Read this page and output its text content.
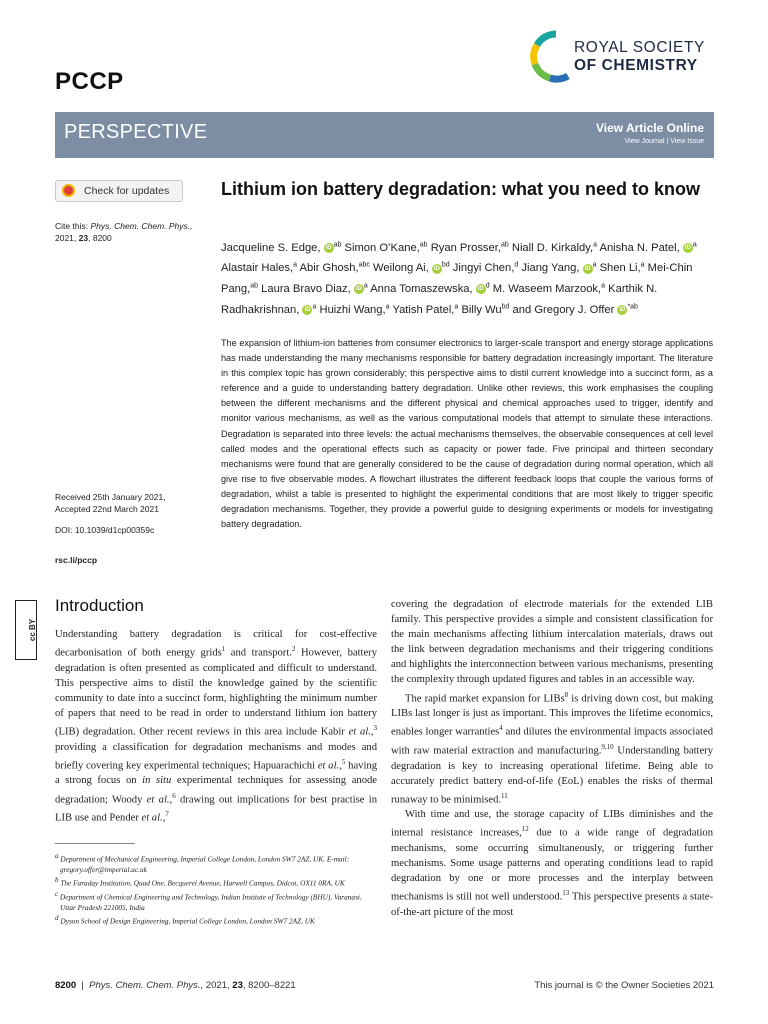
PCCP
ROYAL SOCIETY
OF CHEMISTRY
PERSPECTIVE	View Article Online
View Journal | View Issue
Check for updates
Cite this: Phys. Chem. Chem. Phys.,
2021, 23, 8200
Received 25th January 2021,
Accepted 22nd March 2021
DOI: 10.1039/d1cp00359c
rsc.li/pccp
cc BY
Lithium ion battery degradation: what you need to know
Jacqueline S. Edge, iD $^{ab}$ Simon O’Kane,$^{ab}$ Ryan Prosser,$^{ab}$ Niall D. Kirkaldy,$^a$ Anisha N. Patel, iD $^a$ Alastair Hales,$^a$ Abir Ghosh,$^{abc}$ Weilong Ai, iD $^{bd}$ Jingyi Chen,$^d$ Jiang Yang, iD $^a$ Shen Li,$^a$ Mei-Chin Pang,$^{ab}$ Laura Bravo Diaz, iD $^a$ Anna Tomaszewska, iD $^d$ M. Waseem Marzook,$^a$ Karthik N. Radhakrishnan, iD $^a$ Huizhi Wang,$^a$ Yatish Patel,$^a$ Billy $Wu^{bd}$ and Gregory J. Offer iD $^{*ab}$
The expansion of lithium-ion batteries from consumer electronics to larger-scale transport and energy storage applications has made understanding the many mechanisms responsible for battery degradation increasingly important. The literature in this complex topic has grown considerably; this perspective aims to distil current knowledge into a succinct form, as a reference and a guide to understanding battery degradation. Unlike other reviews, this work emphasises the coupling between the different mechanisms and the different physical and chemical approaches used to trigger, identify and monitor various mechanisms, as well as the various computational models that attempt to simulate these interactions. Degradation is separated into three levels: the actual mechanisms themselves, the observable consequences at cell level called modes and the operational effects such as capacity or power fade. Five principal and thirteen secondary mechanisms were found that are generally considered to be the cause of degradation during normal operation, which all give rise to five observable modes. A flowchart illustrates the different feedback loops that couple the various forms of degradation, whilst a table is presented to highlight the experimental conditions that are most likely to trigger specific degradation mechanisms. Together, they provide a powerful guide to designing experiments or models for investigating battery degradation.
Introduction
Understanding battery degradation is critical for cost-effective decarbonisation of both energy grids$^1$ and transport.$^2$ However, battery degradation is often presented as complicated and difficult to understand. This perspective aims to distil the knowledge gained by the scientific community to date into a succinct form, highlighting the minimum number of papers that need to be read in order to understand lithium ion battery (LIB) degradation. Other recent reviews in this area include Kabir et al.,$^3$ providing a classification for degradation mechanisms and modes and briefly covering key experimental techniques; Hapuarachichi et al.,$^5$ having a strong focus on in situ experimental techniques for assessing anode degradation; Woody et al.,$^6$ drawing out implications for best practise in LIB use and Pender et al.,$^7$

covering the degradation of electrode materials for the extended LIB family. This perspective provides a simple and consistent classification for the main mechanisms affecting lithium intercalation materials, draws out the link between degradation mechanisms and their triggering conditions and highlights the interconnection between various mechanisms, presenting the complexity through updated figures and tables in an accessible way.

The rapid market expansion for LIBs$^8$ is driving down cost, but making LIBs last longer is just as important. This improves the lifetime economics, enables longer warranties$^4$ and dilutes the environmental impacts associated with raw material extraction and manufacturing.$^{9,10}$ Understanding battery degradation is key to increasing operational lifetime. Being able to accurately predict battery end-of-life (EoL) enables the risks of thermal runaway to be minimised.$^{11}$

With time and use, the storage capacity of LIBs diminishes and the internal resistance increases,$^{12}$ due to a wide range of degradation mechanisms, some occurring simultaneously, or triggering further mechanisms. Some usage patterns and operating conditions lead to rapid degradation by one or more processes and the interplay between mechanisms is still not well understood.$^{13}$ This perspective presents a state-of-the-art picture of the most

$^a$ Department of Mechanical Engineering, Imperial College London, London SW7 2AZ, UK. E-mail: gregory.offer@imperial.ac.uk

$^b$ The Faraday Institution, Quad One, Becquerel Avenue, Harwell Campus, Didcot, OX11 0RA, UK

$^c$ Department of Chemical Engineering and Technology, Indian Institute of Technology (BHU), Varanasi, Uttar Pradesh 221005, India

$^d$ Dyson School of Design Engineering, Imperial College London, London SW7 2AZ, UK

8200  |  Phys. Chem. Chem. Phys., 2021, 23, 8200–8221	This journal is © the Owner Societies 2021
